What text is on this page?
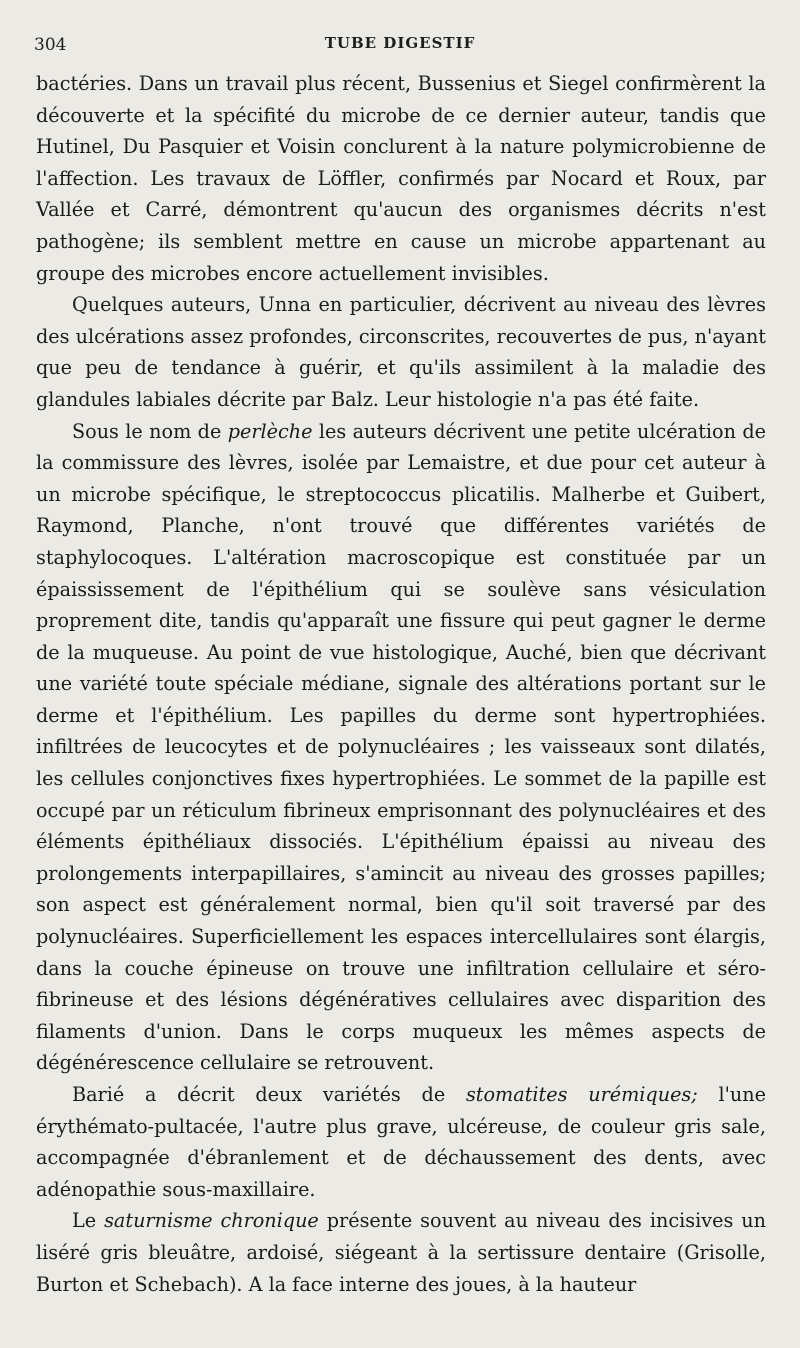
304	TUBE DIGESTIF

bactéries. Dans un travail plus récent, Bussenius et Siegel confirmèrent la découverte et la spécifité du microbe de ce dernier auteur, tandis que Hutinel, Du Pasquier et Voisin conclurent à la nature polymicrobienne de l'affection. Les travaux de Löffler, confirmés par Nocard et Roux, par Vallée et Carré, démontrent qu'aucun des organismes décrits n'est pathogène; ils semblent mettre en cause un microbe appartenant au groupe des microbes encore actuellement invisibles.

Quelques auteurs, Unna en particulier, décrivent au niveau des lèvres des ulcérations assez profondes, circonscrites, recouvertes de pus, n'ayant que peu de tendance à guérir, et qu'ils assimilent à la maladie des glandules labiales décrite par Balz. Leur histologie n'a pas été faite.

Sous le nom de perlèche les auteurs décrivent une petite ulcération de la commissure des lèvres, isolée par Lemaistre, et due pour cet auteur à un microbe spécifique, le streptococcus plicatilis. Malherbe et Guibert, Raymond, Planche, n'ont trouvé que différentes variétés de staphylocoques. L'altération macroscopique est constituée par un épaississement de l'épithélium qui se soulève sans vésiculation proprement dite, tandis qu'apparaît une fissure qui peut gagner le derme de la muqueuse. Au point de vue histologique, Auché, bien que décrivant une variété toute spéciale médiane, signale des altérations portant sur le derme et l'épithélium. Les papilles du derme sont hypertrophiées. infiltrées de leucocytes et de polynucléaires ; les vaisseaux sont dilatés, les cellules conjonctives fixes hypertrophiées. Le sommet de la papille est occupé par un réticulum fibrineux emprisonnant des polynucléaires et des éléments épithéliaux dissociés. L'épithélium épaissi au niveau des prolongements interpapillaires, s'amincit au niveau des grosses papilles; son aspect est généralement normal, bien qu'il soit traversé par des polynucléaires. Superficiellement les espaces intercellulaires sont élargis, dans la couche épineuse on trouve une infiltration cellulaire et séro-fibrineuse et des lésions dégénératives cellulaires avec disparition des filaments d'union. Dans le corps muqueux les mêmes aspects de dégénérescence cellulaire se retrouvent.

Barié a décrit deux variétés de stomatites urémiques; l'une érythémato-pultacée, l'autre plus grave, ulcéreuse, de couleur gris sale, accompagnée d'ébranlement et de déchaussement des dents, avec adénopathie sous-maxillaire.

Le saturnisme chronique présente souvent au niveau des incisives un liséré gris bleuâtre, ardoisé, siégeant à la sertissure dentaire (Grisolle, Burton et Schebach). A la face interne des joues, à la hauteur
